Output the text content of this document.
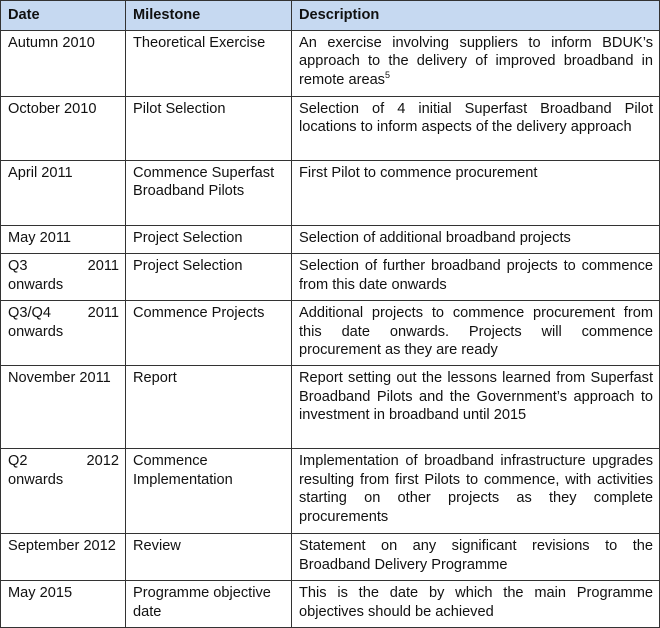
Date	Milestone	Description
Autumn 2010	Theoretical Exercise	An exercise involving suppliers to inform BDUK’s approach to the delivery of improved broadband in remote areas$^5$
October 2010	Pilot Selection	Selection of 4 initial Superfast Broadband Pilot locations to inform aspects of the delivery approach
April 2011	Commence Superfast Broadband Pilots	First Pilot to commence procurement
May 2011	Project Selection	Selection of additional broadband projects
Q3 2011 onwards	Project Selection	Selection of further broadband projects to commence from this date onwards
Q3/Q4 2011 onwards	Commence Projects	Additional projects to commence procurement from this date onwards. Projects will commence procurement as they are ready
November 2011	Report	Report setting out the lessons learned from Superfast Broadband Pilots and the Government’s approach to investment in broadband until 2015
Q2 2012 onwards	Commence Implementation	Implementation of broadband infrastructure upgrades resulting from first Pilots to commence, with activities starting on other projects as they complete procurements
September 2012	Review	Statement on any significant revisions to the Broadband Delivery Programme
May 2015	Programme objective date	This is the date by which the main Programme objectives should be achieved
